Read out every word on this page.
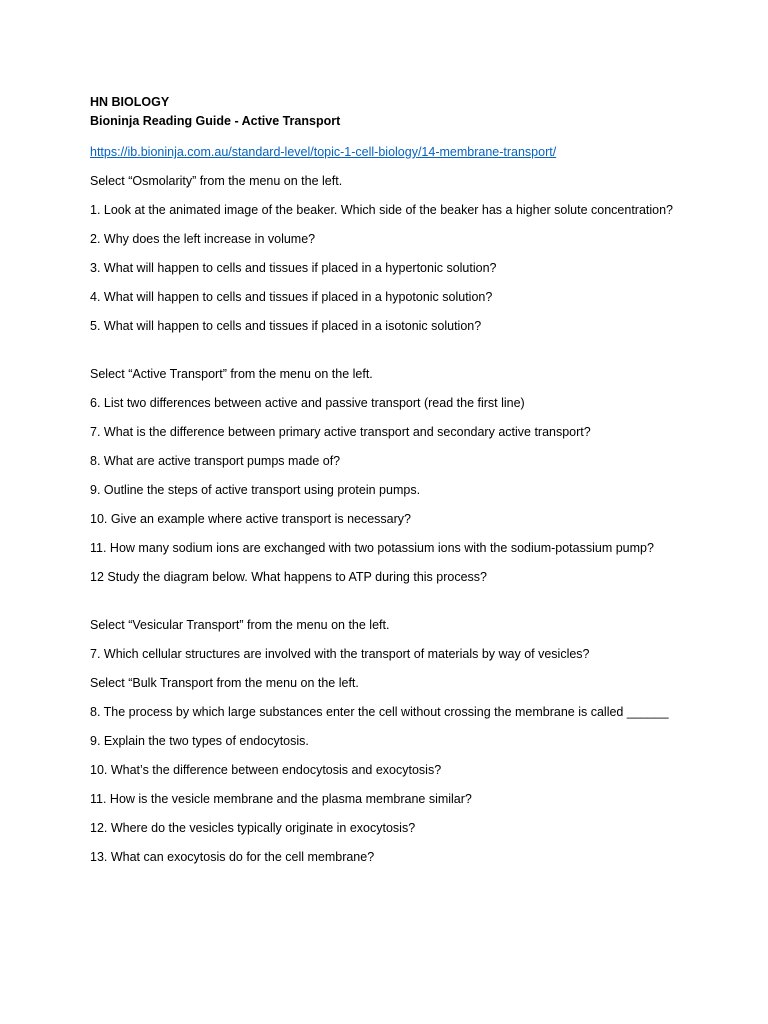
HN BIOLOGY

Bioninja Reading Guide - Active Transport

https://ib.bioninja.com.au/standard-level/topic-1-cell-biology/14-membrane-transport/

Select “Osmolarity” from the menu on the left.

1. Look at the animated image of the beaker. Which side of the beaker has a higher solute concentration?

2. Why does the left increase in volume?

3. What will happen to cells and tissues if placed in a hypertonic solution?

4. What will happen to cells and tissues if placed in a hypotonic solution?

5. What will happen to cells and tissues if placed in a isotonic solution?

Select “Active Transport” from the menu on the left.

6. List two differences between active and passive transport (read the first line)

7. What is the difference between primary active transport and secondary active transport?

8. What are active transport pumps made of?

9. Outline the steps of active transport using protein pumps.

10. Give an example where active transport is necessary?

11. How many sodium ions are exchanged with two potassium ions with the sodium-potassium pump?

12 Study the diagram below. What happens to ATP during this process?

Select “Vesicular Transport” from the menu on the left.

7. Which cellular structures are involved with the transport of materials by way of vesicles?

Select “Bulk Transport from the menu on the left.

8. The process by which large substances enter the cell without crossing the membrane is called ______

9. Explain the two types of endocytosis.

10. What’s the difference between endocytosis and exocytosis?

11. How is the vesicle membrane and the plasma membrane similar?

12. Where do the vesicles typically originate in exocytosis?

13. What can exocytosis do for the cell membrane?
